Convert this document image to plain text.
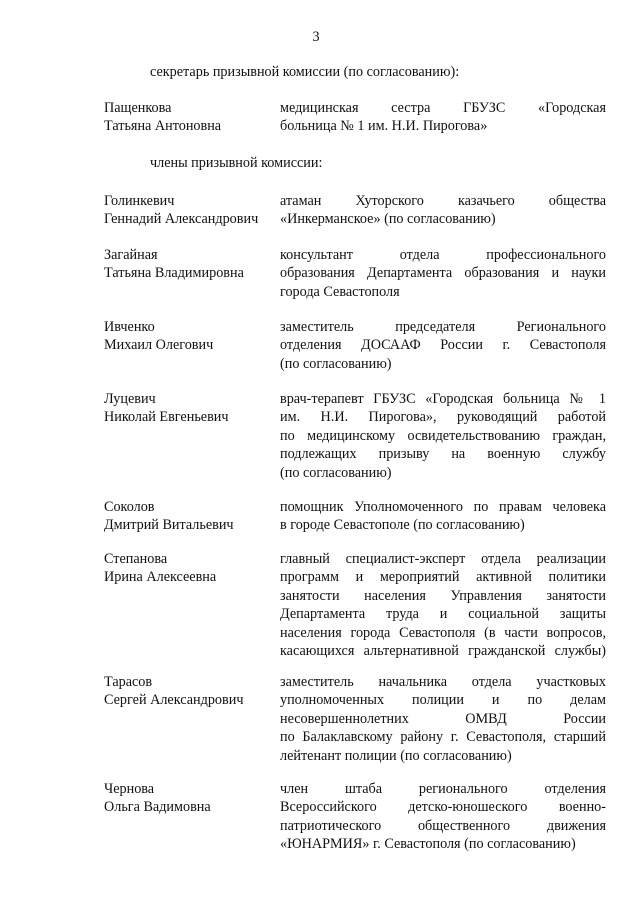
3
секретарь призывной комиссии (по согласованию):
Пащенкова
Татьяна Антоновна
медицинская сестра ГБУЗС «Городская
больница № 1 им. Н.И. Пирогова»
члены призывной комиссии:
Голинкевич
Геннадий Александрович
атаман Хуторского казачьего общества
«Инкерманское» (по согласованию)
Загайная
Татьяна Владимировна
консультант отдела профессионального
образования Департамента образования и науки
города Севастополя
Ивченко
Михаил Олегович
заместитель председателя Регионального
отделения ДОСААФ России г. Севастополя
(по согласованию)
Луцевич
Николай Евгеньевич
врач-терапевт ГБУЗС «Городская больница № 1
им. Н.И. Пирогова», руководящий работой
по медицинскому освидетельствованию граждан,
подлежащих призыву на военную службу
(по согласованию)
Соколов
Дмитрий Витальевич
помощник Уполномоченного по правам человека
в городе Севастополе (по согласованию)
Степанова
Ирина Алексеевна
главный специалист-эксперт отдела реализации
программ и мероприятий активной политики
занятости населения Управления занятости
Департамента труда и социальной защиты
населения города Севастополя (в части вопросов,
касающихся альтернативной гражданской службы)
Тарасов
Сергей Александрович
заместитель начальника отдела участковых
уполномоченных полиции и по делам
несовершеннолетних ОМВД России
по Балаклавскому району г. Севастополя, старший
лейтенант полиции (по согласованию)
Чернова
Ольга Вадимовна
член штаба регионального отделения
Всероссийского детско-юношеского военно-
патриотического общественного движения
«ЮНАРМИЯ» г. Севастополя (по согласованию)
